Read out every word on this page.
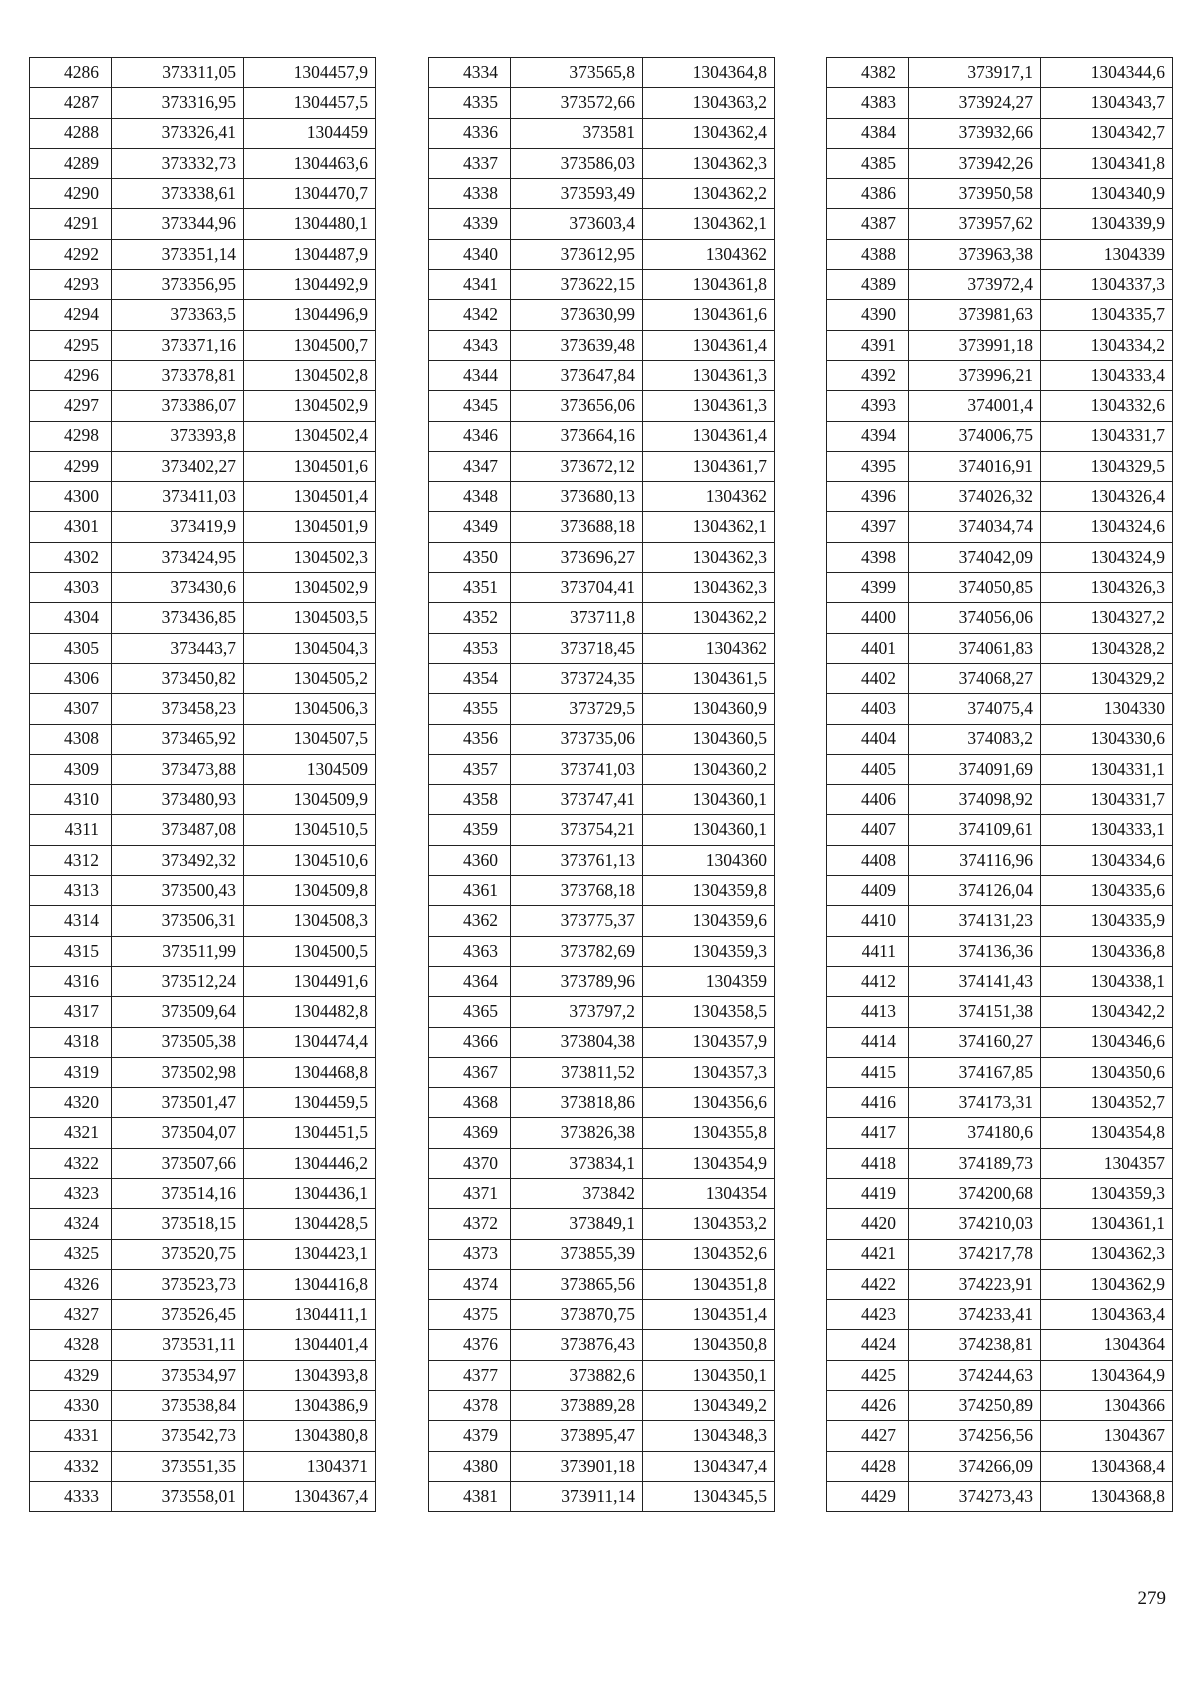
4286	373311,05	1304457,9
4287	373316,95	1304457,5
4288	373326,41	1304459
4289	373332,73	1304463,6
4290	373338,61	1304470,7
4291	373344,96	1304480,1
4292	373351,14	1304487,9
4293	373356,95	1304492,9
4294	373363,5	1304496,9
4295	373371,16	1304500,7
4296	373378,81	1304502,8
4297	373386,07	1304502,9
4298	373393,8	1304502,4
4299	373402,27	1304501,6
4300	373411,03	1304501,4
4301	373419,9	1304501,9
4302	373424,95	1304502,3
4303	373430,6	1304502,9
4304	373436,85	1304503,5
4305	373443,7	1304504,3
4306	373450,82	1304505,2
4307	373458,23	1304506,3
4308	373465,92	1304507,5
4309	373473,88	1304509
4310	373480,93	1304509,9
4311	373487,08	1304510,5
4312	373492,32	1304510,6
4313	373500,43	1304509,8
4314	373506,31	1304508,3
4315	373511,99	1304500,5
4316	373512,24	1304491,6
4317	373509,64	1304482,8
4318	373505,38	1304474,4
4319	373502,98	1304468,8
4320	373501,47	1304459,5
4321	373504,07	1304451,5
4322	373507,66	1304446,2
4323	373514,16	1304436,1
4324	373518,15	1304428,5
4325	373520,75	1304423,1
4326	373523,73	1304416,8
4327	373526,45	1304411,1
4328	373531,11	1304401,4
4329	373534,97	1304393,8
4330	373538,84	1304386,9
4331	373542,73	1304380,8
4332	373551,35	1304371
4333	373558,01	1304367,4
4334	373565,8	1304364,8
4335	373572,66	1304363,2
4336	373581	1304362,4
4337	373586,03	1304362,3
4338	373593,49	1304362,2
4339	373603,4	1304362,1
4340	373612,95	1304362
4341	373622,15	1304361,8
4342	373630,99	1304361,6
4343	373639,48	1304361,4
4344	373647,84	1304361,3
4345	373656,06	1304361,3
4346	373664,16	1304361,4
4347	373672,12	1304361,7
4348	373680,13	1304362
4349	373688,18	1304362,1
4350	373696,27	1304362,3
4351	373704,41	1304362,3
4352	373711,8	1304362,2
4353	373718,45	1304362
4354	373724,35	1304361,5
4355	373729,5	1304360,9
4356	373735,06	1304360,5
4357	373741,03	1304360,2
4358	373747,41	1304360,1
4359	373754,21	1304360,1
4360	373761,13	1304360
4361	373768,18	1304359,8
4362	373775,37	1304359,6
4363	373782,69	1304359,3
4364	373789,96	1304359
4365	373797,2	1304358,5
4366	373804,38	1304357,9
4367	373811,52	1304357,3
4368	373818,86	1304356,6
4369	373826,38	1304355,8
4370	373834,1	1304354,9
4371	373842	1304354
4372	373849,1	1304353,2
4373	373855,39	1304352,6
4374	373865,56	1304351,8
4375	373870,75	1304351,4
4376	373876,43	1304350,8
4377	373882,6	1304350,1
4378	373889,28	1304349,2
4379	373895,47	1304348,3
4380	373901,18	1304347,4
4381	373911,14	1304345,5
4382	373917,1	1304344,6
4383	373924,27	1304343,7
4384	373932,66	1304342,7
4385	373942,26	1304341,8
4386	373950,58	1304340,9
4387	373957,62	1304339,9
4388	373963,38	1304339
4389	373972,4	1304337,3
4390	373981,63	1304335,7
4391	373991,18	1304334,2
4392	373996,21	1304333,4
4393	374001,4	1304332,6
4394	374006,75	1304331,7
4395	374016,91	1304329,5
4396	374026,32	1304326,4
4397	374034,74	1304324,6
4398	374042,09	1304324,9
4399	374050,85	1304326,3
4400	374056,06	1304327,2
4401	374061,83	1304328,2
4402	374068,27	1304329,2
4403	374075,4	1304330
4404	374083,2	1304330,6
4405	374091,69	1304331,1
4406	374098,92	1304331,7
4407	374109,61	1304333,1
4408	374116,96	1304334,6
4409	374126,04	1304335,6
4410	374131,23	1304335,9
4411	374136,36	1304336,8
4412	374141,43	1304338,1
4413	374151,38	1304342,2
4414	374160,27	1304346,6
4415	374167,85	1304350,6
4416	374173,31	1304352,7
4417	374180,6	1304354,8
4418	374189,73	1304357
4419	374200,68	1304359,3
4420	374210,03	1304361,1
4421	374217,78	1304362,3
4422	374223,91	1304362,9
4423	374233,41	1304363,4
4424	374238,81	1304364
4425	374244,63	1304364,9
4426	374250,89	1304366
4427	374256,56	1304367
4428	374266,09	1304368,4
4429	374273,43	1304368,8
279
